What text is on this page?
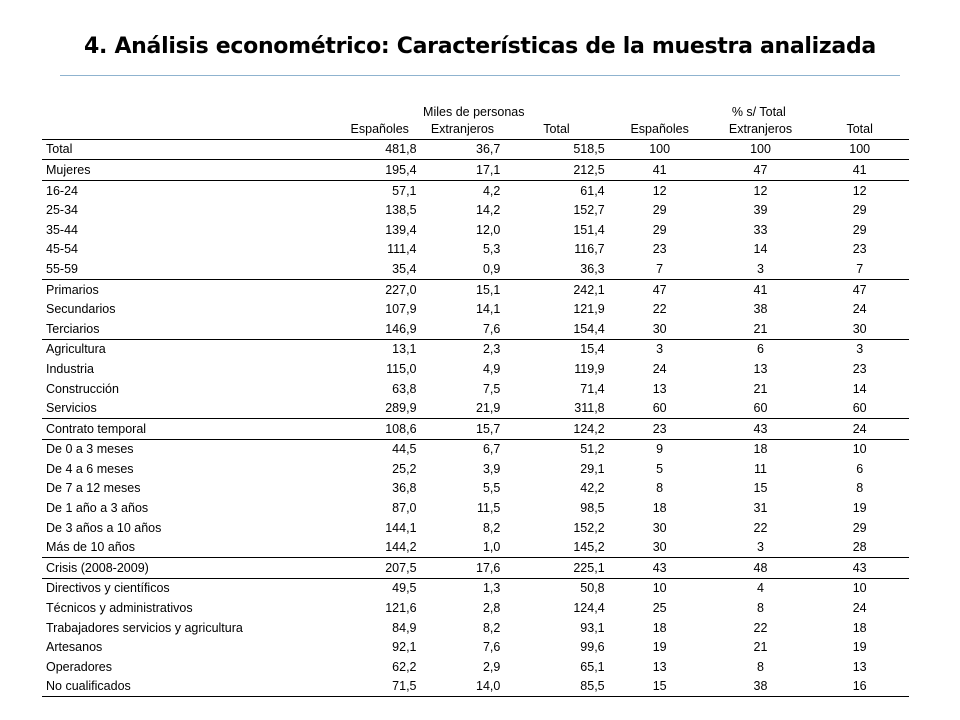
4. Análisis econométrico: Características de la muestra analizada
	Miles de personas			% s/ Total		
	Españoles	Extranjeros	Total	Españoles	Extranjeros	Total
Total	481,8	36,7	518,5	100	100	100
Mujeres	195,4	17,1	212,5	41	47	41
16-24	57,1	4,2	61,4	12	12	12
25-34	138,5	14,2	152,7	29	39	29
35-44	139,4	12,0	151,4	29	33	29
45-54	111,4	5,3	116,7	23	14	23
55-59	35,4	0,9	36,3	7	3	7
Primarios	227,0	15,1	242,1	47	41	47
Secundarios	107,9	14,1	121,9	22	38	24
Terciarios	146,9	7,6	154,4	30	21	30
Agricultura	13,1	2,3	15,4	3	6	3
Industria	115,0	4,9	119,9	24	13	23
Construcción	63,8	7,5	71,4	13	21	14
Servicios	289,9	21,9	311,8	60	60	60
Contrato temporal	108,6	15,7	124,2	23	43	24
De 0 a 3 meses	44,5	6,7	51,2	9	18	10
De 4 a 6 meses	25,2	3,9	29,1	5	11	6
De 7 a 12 meses	36,8	5,5	42,2	8	15	8
De 1 año a 3 años	87,0	11,5	98,5	18	31	19
De 3 años a 10 años	144,1	8,2	152,2	30	22	29
Más de 10 años	144,2	1,0	145,2	30	3	28
Crisis (2008-2009)	207,5	17,6	225,1	43	48	43
Directivos y científicos	49,5	1,3	50,8	10	4	10
Técnicos y administrativos	121,6	2,8	124,4	25	8	24
Trabajadores servicios y agricultura	84,9	8,2	93,1	18	22	18
Artesanos	92,1	7,6	99,6	19	21	19
Operadores	62,2	2,9	65,1	13	8	13
No cualificados	71,5	14,0	85,5	15	38	16
